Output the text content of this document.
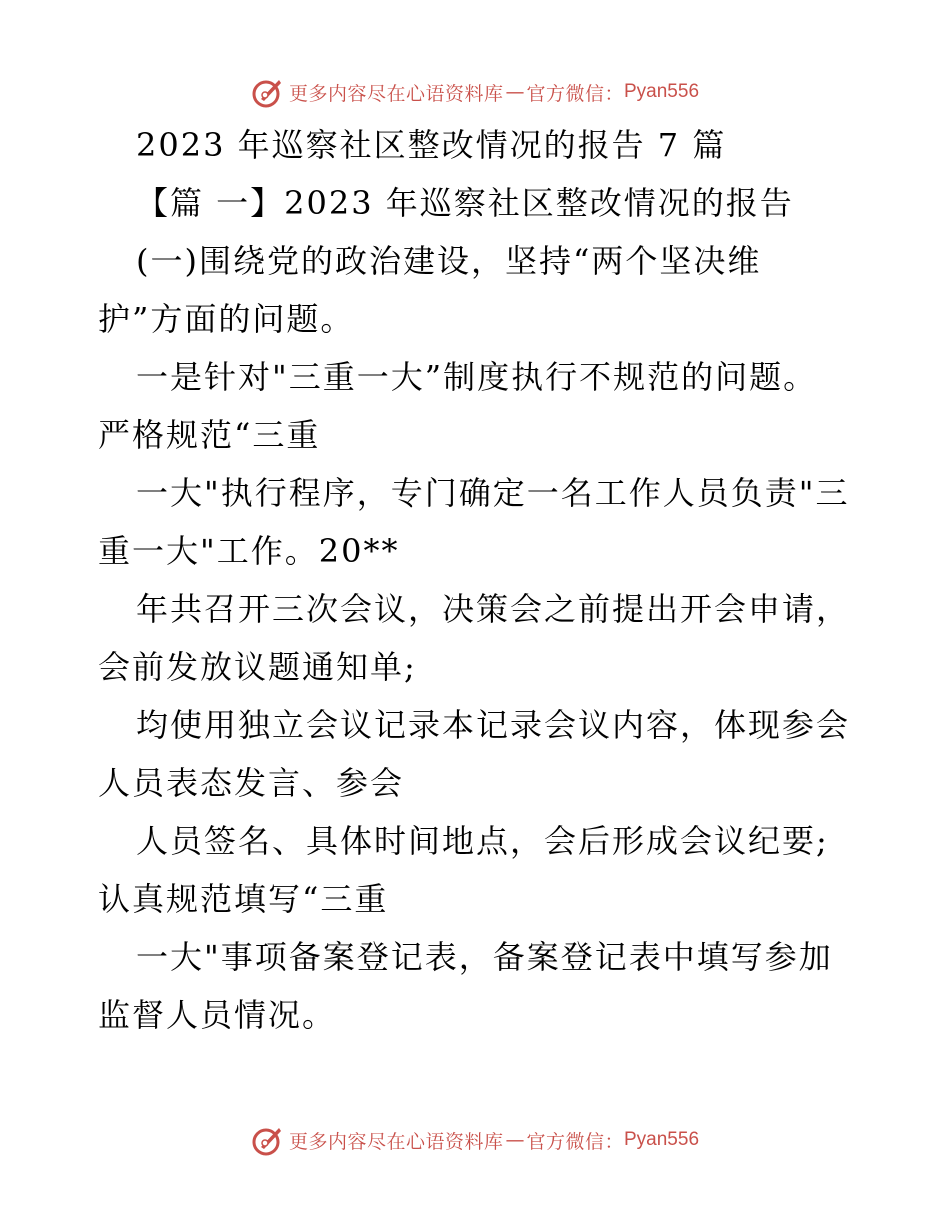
更多内容尽在心语资料库 — 官方微信： Pyan556
2023 年巡察社区整改情况的报告 7 篇
【篇 一】2023 年巡察社区整改情况的报告
(一)围绕党的政治建设，坚持“两个坚决维
护”方面的问题。
一是针对"三重一大”制度执行不规范的问题。
严格规范“三重
一大"执行程序，专门确定一名工作人员负责"三
重一大"工作。20**
年共召开三次会议，决策会之前提出开会申请，
会前发放议题通知单;
均使用独立会议记录本记录会议内容，体现参会
人员表态发言、参会
人员签名、具体时间地点，会后形成会议纪要;
认真规范填写“三重
一大"事项备案登记表，备案登记表中填写参加
监督人员情况。
更多内容尽在心语资料库 — 官方微信： Pyan556
